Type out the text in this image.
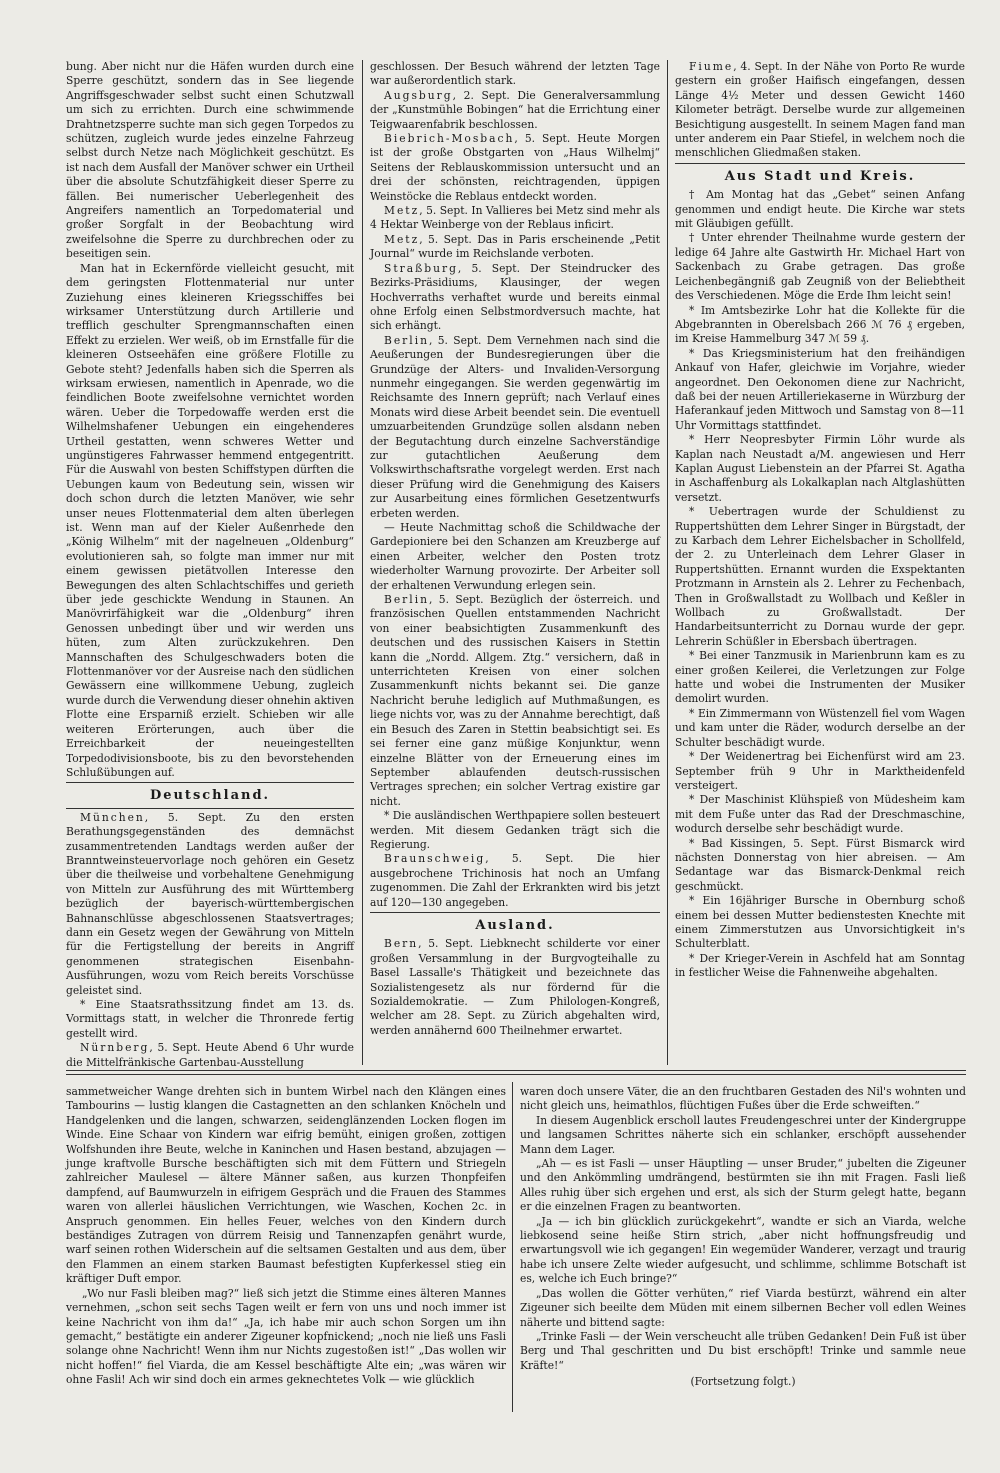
bung. Aber nicht nur die Häfen wurden durch eine Sperre geschützt, sondern das in See liegende Angriffsgeschwader selbst sucht einen Schutzwall um sich zu errichten. Durch eine schwimmende Drahtnetzsperre suchte man sich gegen Torpedos zu schützen, zugleich wurde jedes einzelne Fahrzeug selbst durch Netze nach Möglichkeit geschützt. Es ist nach dem Ausfall der Manöver schwer ein Urtheil über die absolute Schutzfähigkeit dieser Sperre zu fällen. Bei numerischer Ueberlegenheit des Angreifers namentlich an Torpedomaterial und großer Sorgfalt in der Beobachtung wird zweifelsohne die Sperre zu durchbrechen oder zu beseitigen sein.

Man hat in Eckernförde vielleicht gesucht, mit dem geringsten Flottenmaterial nur unter Zuziehung eines kleineren Kriegsschiffes bei wirksamer Unterstützung durch Artillerie und trefflich geschulter Sprengmannschaften einen Effekt zu erzielen. Wer weiß, ob im Ernstfalle für die kleineren Ostseehäfen eine größere Flotille zu Gebote steht? Jedenfalls haben sich die Sperren als wirksam erwiesen, namentlich in Apenrade, wo die feindlichen Boote zweifelsohne vernichtet worden wären. Ueber die Torpedowaffe werden erst die Wilhelmshafener Uebungen ein eingehenderes Urtheil gestatten, wenn schweres Wetter und ungünstigeres Fahrwasser hemmend entgegentritt. Für die Auswahl von besten Schiffstypen dürften die Uebungen kaum von Bedeutung sein, wissen wir doch schon durch die letzten Manöver, wie sehr unser neues Flottenmaterial dem alten überlegen ist. Wenn man auf der Kieler Außenrhede den „König Wilhelm“ mit der nagelneuen „Oldenburg“ evolutionieren sah, so folgte man immer nur mit einem gewissen pietätvollen Interesse den Bewegungen des alten Schlachtschiffes und gerieth über jede geschickte Wendung in Staunen. An Manövrirfähigkeit war die „Oldenburg“ ihren Genossen unbedingt über und wir werden uns hüten, zum Alten zurückzukehren. Den Mannschaften des Schulgeschwaders boten die Flottenmanöver vor der Ausreise nach den südlichen Gewässern eine willkommene Uebung, zugleich wurde durch die Verwendung dieser ohnehin aktiven Flotte eine Ersparniß erzielt. Schieben wir alle weiteren Erörterungen, auch über die Erreichbarkeit der neueingestellten Torpedodivisionsboote, bis zu den bevorstehenden Schlußübungen auf.

Deutschland.

München, 5. Sept. Zu den ersten Berathungsgegenständen des demnächst zusammentretenden Landtags werden außer der Branntweinsteuervorlage noch gehören ein Gesetz über die theilweise und vorbehaltene Genehmigung von Mitteln zur Ausführung des mit Württemberg bezüglich der bayerisch-württembergischen Bahnanschlüsse abgeschlossenen Staatsvertrages; dann ein Gesetz wegen der Gewährung von Mitteln für die Fertigstellung der bereits in Angriff genommenen strategischen Eisenbahn-Ausführungen, wozu vom Reich bereits Vorschüsse geleistet sind.

* Eine Staatsrathssitzung findet am 13. ds. Vormittags statt, in welcher die Thronrede fertig gestellt wird.

Nürnberg, 5. Sept. Heute Abend 6 Uhr wurde die Mittelfränkische Gartenbau-Ausstellung

geschlossen. Der Besuch während der letzten Tage war außerordentlich stark.

Augsburg, 2. Sept. Die Generalversammlung der „Kunstmühle Bobingen“ hat die Errichtung einer Teigwaarenfabrik beschlossen.

Biebrich-Mosbach, 5. Sept. Heute Morgen ist der große Obstgarten von „Haus Wilhelmj“ Seitens der Reblauskommission untersucht und an drei der schönsten, reichtragenden, üppigen Weinstöcke die Reblaus entdeckt worden.

Metz, 5. Sept. In Vallieres bei Metz sind mehr als 4 Hektar Weinberge von der Reblaus inficirt.

Metz, 5. Sept. Das in Paris erscheinende „Petit Journal“ wurde im Reichslande verboten.

Straßburg, 5. Sept. Der Steindrucker des Bezirks-Präsidiums, Klausinger, der wegen Hochverraths verhaftet wurde und bereits einmal ohne Erfolg einen Selbstmordversuch machte, hat sich erhängt.

Berlin, 5. Sept. Dem Vernehmen nach sind die Aeußerungen der Bundesregierungen über die Grundzüge der Alters- und Invaliden-Versorgung nunmehr eingegangen. Sie werden gegenwärtig im Reichsamte des Innern geprüft; nach Verlauf eines Monats wird diese Arbeit beendet sein. Die eventuell umzuarbeitenden Grundzüge sollen alsdann neben der Begutachtung durch einzelne Sachverständige zur gutachtlichen Aeußerung dem Volkswirthschaftsrathe vorgelegt werden. Erst nach dieser Prüfung wird die Genehmigung des Kaisers zur Ausarbeitung eines förmlichen Gesetzentwurfs erbeten werden.

— Heute Nachmittag schoß die Schildwache der Gardepioniere bei den Schanzen am Kreuzberge auf einen Arbeiter, welcher den Posten trotz wiederholter Warnung provozirte. Der Arbeiter soll der erhaltenen Verwundung erlegen sein.

Berlin, 5. Sept. Bezüglich der österreich. und französischen Quellen entstammenden Nachricht von einer beabsichtigten Zusammenkunft des deutschen und des russischen Kaisers in Stettin kann die „Nordd. Allgem. Ztg.“ versichern, daß in unterrichteten Kreisen von einer solchen Zusammenkunft nichts bekannt sei. Die ganze Nachricht beruhe lediglich auf Muthmaßungen, es liege nichts vor, was zu der Annahme berechtigt, daß ein Besuch des Zaren in Stettin beabsichtigt sei. Es sei ferner eine ganz müßige Konjunktur, wenn einzelne Blätter von der Erneuerung eines im September ablaufenden deutsch-russischen Vertrages sprechen; ein solcher Vertrag existire gar nicht.

* Die ausländischen Werthpapiere sollen besteuert werden. Mit diesem Gedanken trägt sich die Regierung.

Braunschweig, 5. Sept. Die hier ausgebrochene Trichinosis hat noch an Umfang zugenommen. Die Zahl der Erkrankten wird bis jetzt auf 120—130 angegeben.

Ausland.

Bern, 5. Sept. Liebknecht schilderte vor einer großen Versammlung in der Burgvogteihalle zu Basel Lassalle's Thätigkeit und bezeichnete das Sozialistengesetz als nur fördernd für die Sozialdemokratie. — Zum Philologen-Kongreß, welcher am 28. Sept. zu Zürich abgehalten wird, werden annähernd 600 Theilnehmer erwartet.

Fiume, 4. Sept. In der Nähe von Porto Re wurde gestern ein großer Haifisch eingefangen, dessen Länge 4½ Meter und dessen Gewicht 1460 Kilometer beträgt. Derselbe wurde zur allgemeinen Besichtigung ausgestellt. In seinem Magen fand man unter anderem ein Paar Stiefel, in welchem noch die menschlichen Gliedmaßen staken.

Aus Stadt und Kreis.

† Am Montag hat das „Gebet“ seinen Anfang genommen und endigt heute. Die Kirche war stets mit Gläubigen gefüllt.

† Unter ehrender Theilnahme wurde gestern der ledige 64 Jahre alte Gastwirth Hr. Michael Hart von Sackenbach zu Grabe getragen. Das große Leichenbegängniß gab Zeugniß von der Beliebtheit des Verschiedenen. Möge die Erde Ihm leicht sein!

* Im Amtsbezirke Lohr hat die Kollekte für die Abgebrannten in Oberelsbach 266 ℳ 76 ₰ ergeben, im Kreise Hammelburg 347 ℳ 59 ₰.

* Das Kriegsministerium hat den freihändigen Ankauf von Hafer, gleichwie im Vorjahre, wieder angeordnet. Den Oekonomen diene zur Nachricht, daß bei der neuen Artilleriekaserne in Würzburg der Haferankauf jeden Mittwoch und Samstag von 8—11 Uhr Vormittags stattfindet.

* Herr Neopresbyter Firmin Löhr wurde als Kaplan nach Neustadt a/M. angewiesen und Herr Kaplan August Liebenstein an der Pfarrei St. Agatha in Aschaffenburg als Lokalkaplan nach Altglashütten versetzt.

* Uebertragen wurde der Schuldienst zu Ruppertshütten dem Lehrer Singer in Bürgstadt, der zu Karbach dem Lehrer Eichelsbacher in Schollfeld, der 2. zu Unterleinach dem Lehrer Glaser in Ruppertshütten. Ernannt wurden die Exspektanten Protzmann in Arnstein als 2. Lehrer zu Fechenbach, Then in Großwallstadt zu Wollbach und Keßler in Wollbach zu Großwallstadt. Der Handarbeitsunterricht zu Dornau wurde der gepr. Lehrerin Schüßler in Ebersbach übertragen.

* Bei einer Tanzmusik in Marienbrunn kam es zu einer großen Keilerei, die Verletzungen zur Folge hatte und wobei die Instrumenten der Musiker demolirt wurden.

* Ein Zimmermann von Wüstenzell fiel vom Wagen und kam unter die Räder, wodurch derselbe an der Schulter beschädigt wurde.

* Der Weidenertrag bei Eichenfürst wird am 23. September früh 9 Uhr in Marktheidenfeld versteigert.

* Der Maschinist Klühspieß von Müdesheim kam mit dem Fuße unter das Rad der Dreschmaschine, wodurch derselbe sehr beschädigt wurde.

* Bad Kissingen, 5. Sept. Fürst Bismarck wird nächsten Donnerstag von hier abreisen. — Am Sedantage war das Bismarck-Denkmal reich geschmückt.

* Ein 16jähriger Bursche in Obernburg schoß einem bei dessen Mutter bedienstesten Knechte mit einem Zimmerstutzen aus Unvorsichtigkeit in's Schulterblatt.

* Der Krieger-Verein in Aschfeld hat am Sonntag in festlicher Weise die Fahnenweihe abgehalten.

sammetweicher Wange drehten sich in buntem Wirbel nach den Klängen eines Tambourins — lustig klangen die Castagnetten an den schlanken Knöcheln und Handgelenken und die langen, schwarzen, seidenglänzenden Locken flogen im Winde. Eine Schaar von Kindern war eifrig bemüht, einigen großen, zottigen Wolfshunden ihre Beute, welche in Kaninchen und Hasen bestand, abzujagen — junge kraftvolle Bursche beschäftigten sich mit dem Füttern und Striegeln zahlreicher Maulesel — ältere Männer saßen, aus kurzen Thonpfeifen dampfend, auf Baumwurzeln in eifrigem Gespräch und die Frauen des Stammes waren von allerlei häuslichen Verrichtungen, wie Waschen, Kochen 2c. in Anspruch genommen. Ein helles Feuer, welches von den Kindern durch beständiges Zutragen von dürrem Reisig und Tannenzapfen genährt wurde, warf seinen rothen Widerschein auf die seltsamen Gestalten und aus dem, über den Flammen an einem starken Baumast befestigten Kupferkessel stieg ein kräftiger Duft empor.

„Wo nur Fasli bleiben mag?“ ließ sich jetzt die Stimme eines älteren Mannes vernehmen, „schon seit sechs Tagen weilt er fern von uns und noch immer ist keine Nachricht von ihm da!“ „Ja, ich habe mir auch schon Sorgen um ihn gemacht,“ bestätigte ein anderer Zigeuner kopfnickend; „noch nie ließ uns Fasli solange ohne Nachricht! Wenn ihm nur Nichts zugestoßen ist!“ „Das wollen wir nicht hoffen!“ fiel Viarda, die am Kessel beschäftigte Alte ein; „was wären wir ohne Fasli! Ach wir sind doch ein armes geknechtetes Volk — wie glücklich

waren doch unsere Väter, die an den fruchtbaren Gestaden des Nil's wohnten und nicht gleich uns, heimathlos, flüchtigen Fußes über die Erde schweiften.“

In diesem Augenblick erscholl lautes Freudengeschrei unter der Kindergruppe und langsamen Schrittes näherte sich ein schlanker, erschöpft aussehender Mann dem Lager.

„Ah — es ist Fasli — unser Häuptling — unser Bruder,“ jubelten die Zigeuner und den Ankömmling umdrängend, bestürmten sie ihn mit Fragen. Fasli ließ Alles ruhig über sich ergehen und erst, als sich der Sturm gelegt hatte, begann er die einzelnen Fragen zu beantworten.

„Ja — ich bin glücklich zurückgekehrt“, wandte er sich an Viarda, welche liebkosend seine heiße Stirn strich, „aber nicht hoffnungsfreudig und erwartungsvoll wie ich gegangen! Ein wegemüder Wanderer, verzagt und traurig habe ich unsere Zelte wieder aufgesucht, und schlimme, schlimme Botschaft ist es, welche ich Euch bringe?“

„Das wollen die Götter verhüten,“ rief Viarda bestürzt, während ein alter Zigeuner sich beeilte dem Müden mit einem silbernen Becher voll edlen Weines näherte und bittend sagte:

„Trinke Fasli — der Wein verscheucht alle trüben Gedanken! Dein Fuß ist über Berg und Thal geschritten und Du bist erschöpft! Trinke und sammle neue Kräfte!“

(Fortsetzung folgt.)
